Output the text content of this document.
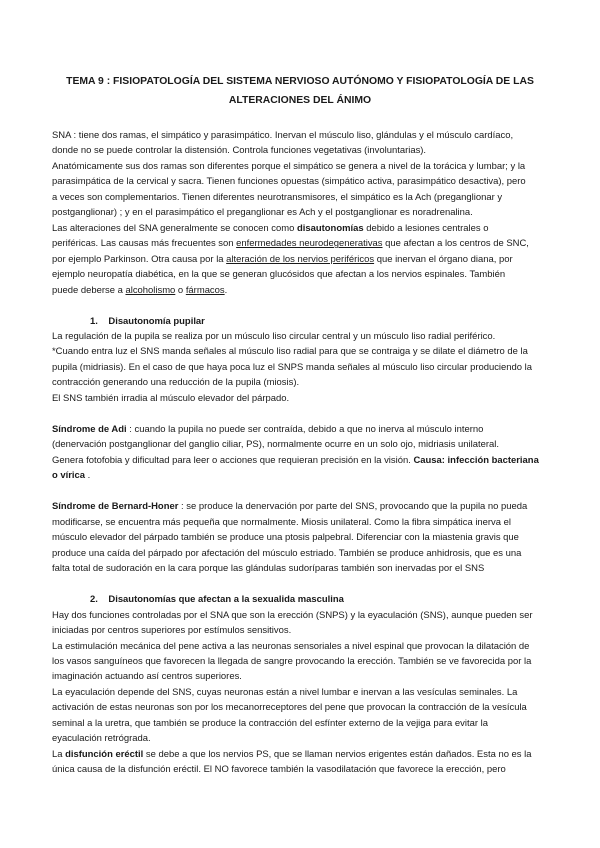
TEMA 9 : FISIOPATOLOGÍA DEL SISTEMA NERVIOSO AUTÓNOMO Y FISIOPATOLOGÍA DE LAS
ALTERACIONES DEL ÁNIMO

SNA : tiene dos ramas, el simpático y parasimpático. Inervan el músculo liso, glándulas y el músculo cardíaco,

donde no se puede controlar la distensión. Controla funciones vegetativas (involuntarias).

Anatómicamente sus dos ramas son diferentes porque el simpático se genera a nivel de la torácica y lumbar; y la

parasimpática de la cervical y sacra. Tienen funciones opuestas (simpático activa, parasimpático desactiva), pero

a veces son complementarios. Tienen diferentes neurotransmisores, el simpático es la Ach (preganglionar y

postganglionar) ; y en el parasimpático el preganglionar es Ach y el postganglionar es noradrenalina.

Las alteraciones del SNA generalmente se conocen como disautonomías debido a lesiones centrales o

periféricas. Las causas más frecuentes son enfermedades neurodegenerativas que afectan a los centros de SNC,

por ejemplo Parkinson. Otra causa por la alteración de los nervios periféricos que inervan el órgano diana, por

ejemplo neuropatía diabética, en la que se generan glucósidos que afectan a los nervios espinales. También

puede deberse a alcoholismo o fármacos.

1. Disautonomía pupilar

La regulación de la pupila se realiza por un músculo liso circular central y un músculo liso radial periférico.

*Cuando entra luz el SNS manda señales al músculo liso radial para que se contraiga y se dilate el diámetro de la

pupila (midriasis). En el caso de que haya poca luz el SNPS manda señales al músculo liso circular produciendo la

contracción generando una reducción de la pupila (miosis).

El SNS también irradia al músculo elevador del párpado.

Síndrome de Adi : cuando la pupila no puede ser contraída, debido a que no inerva al músculo interno

(denervación postganglionar del ganglio ciliar, PS), normalmente ocurre en un solo ojo, midriasis unilateral.

Genera fotofobia y dificultad para leer o acciones que requieran precisión en la visión. Causa: infección bacteriana

o vírica .

Síndrome de Bernard-Honer : se produce la denervación por parte del SNS, provocando que la pupila no pueda

modificarse, se encuentra más pequeña que normalmente. Miosis unilateral. Como la fibra simpática inerva el

músculo elevador del párpado también se produce una ptosis palpebral. Diferenciar con la miastenia gravis que

produce una caída del párpado por afectación del músculo estriado. También se produce anhidrosis, que es una

falta total de sudoración en la cara porque las glándulas sudoríparas también son inervadas por el SNS

2. Disautonomías que afectan a la sexualida masculina

Hay dos funciones controladas por el SNA que son la erección (SNPS) y la eyaculación (SNS), aunque pueden ser

iniciadas por centros superiores por estímulos sensitivos.

La estimulación mecánica del pene activa a las neuronas sensoriales a nivel espinal que provocan la dilatación de

los vasos sanguíneos que favorecen la llegada de sangre provocando la erección. También se ve favorecida por la

imaginación actuando así centros superiores.

La eyaculación depende del SNS, cuyas neuronas están a nivel lumbar e inervan a las vesículas seminales. La

activación de estas neuronas son por los mecanorreceptores del pene que provocan la contracción de la vesícula

seminal a la uretra, que también se produce la contracción del esfínter externo de la vejiga para evitar la

eyaculación retrógrada.

La disfunción eréctil se debe a que los nervios PS, que se llaman nervios erigentes están dañados. Esta no es la

única causa de la disfunción eréctil. El NO favorece también la vasodilatación que favorece la erección, pero
